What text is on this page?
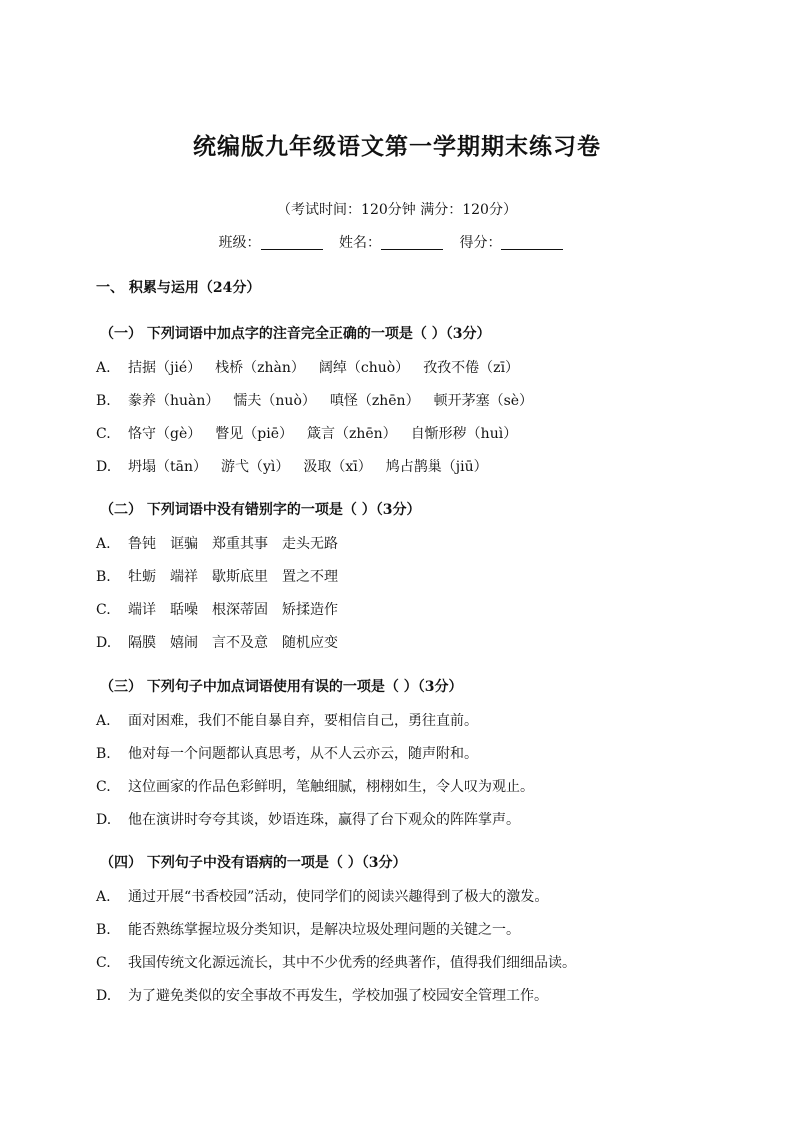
统编版九年级语文第一学期期末练习卷
（考试时间：120分钟 满分：120分）
班级：	姓名：	得分：
一、 积累与运用（24分）
（一） 下列词语中加点字的注音完全正确的一项是（ ）（3分）
A. 拮据（jié） 栈桥（zhàn） 阔绰（chuò） 孜孜不倦（zī）
B. 豢养（huàn） 懦夫（nuò） 嗔怪（zhēn） 顿开茅塞（sè）
C. 恪守（gè） 瞥见（piē） 箴言（zhēn） 自惭形秽（huì）
D. 坍塌（tān） 游弋（yì） 汲取（xī） 鸠占鹊巢（jiū）
（二） 下列词语中没有错别字的一项是（ ）（3分）
A. 鲁钝 诓骗 郑重其事 走头无路
B. 牡蛎 端祥 歇斯底里 置之不理
C. 端详 聒噪 根深蒂固 矫揉造作
D. 隔膜 嬉闹 言不及意 随机应变
（三） 下列句子中加点词语使用有误的一项是（ ）（3分）
A. 面对困难，我们不能自暴自弃，要相信自己，勇往直前。
B. 他对每一个问题都认真思考，从不人云亦云，随声附和。
C. 这位画家的作品色彩鲜明，笔触细腻，栩栩如生，令人叹为观止。
D. 他在演讲时夸夸其谈，妙语连珠，赢得了台下观众的阵阵掌声。
（四） 下列句子中没有语病的一项是（ ）（3分）
A. 通过开展“书香校园”活动，使同学们的阅读兴趣得到了极大的激发。
B. 能否熟练掌握垃圾分类知识，是解决垃圾处理问题的关键之一。
C. 我国传统文化源远流长，其中不少优秀的经典著作，值得我们细细品读。
D. 为了避免类似的安全事故不再发生，学校加强了校园安全管理工作。
